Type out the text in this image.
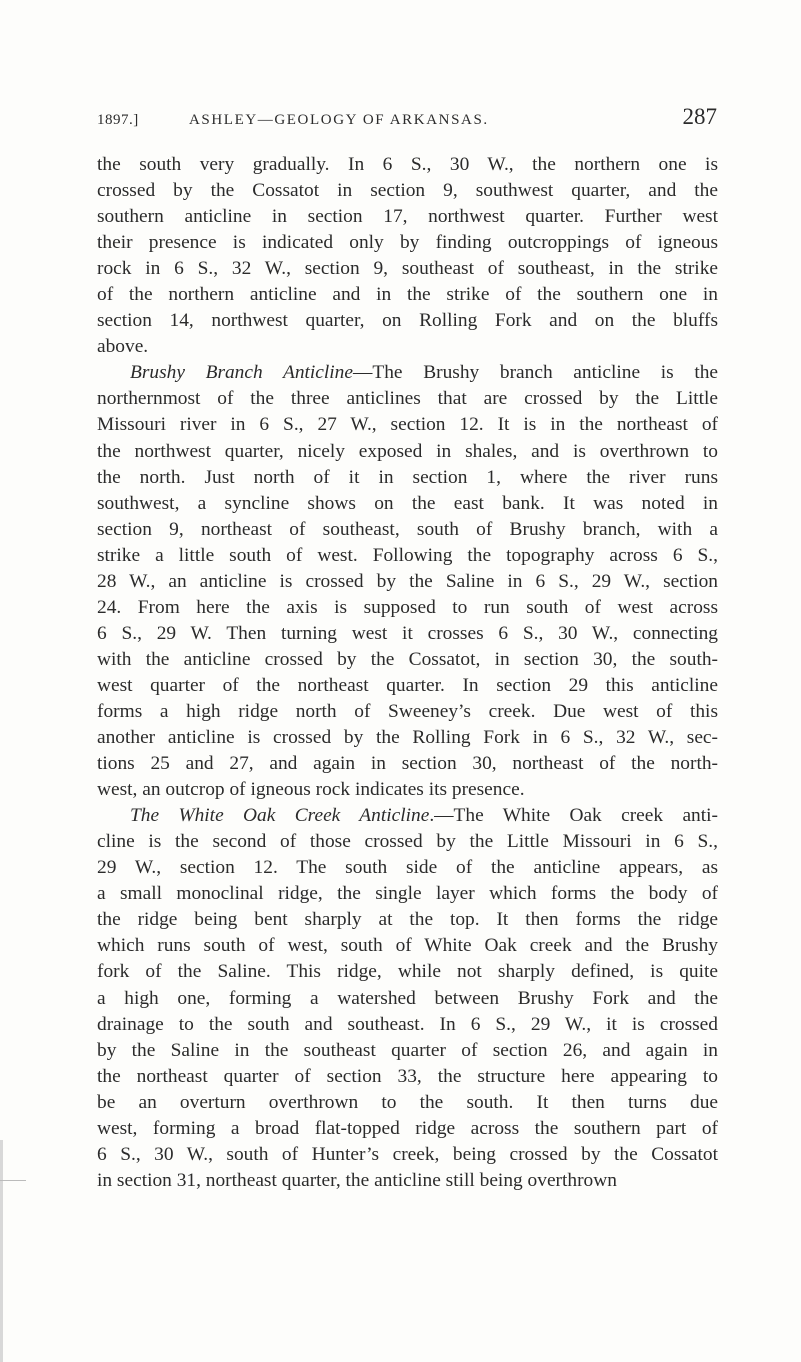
1897.]	ASHLEY—GEOLOGY OF ARKANSAS.	287
the south very gradually. In 6 S., 30 W., the northern one is
crossed by the Cossatot in section 9, southwest quarter, and the
southern anticline in section 17, northwest quarter. Further west
their presence is indicated only by finding outcroppings of igneous
rock in 6 S., 32 W., section 9, southeast of southeast, in the strike
of the northern anticline and in the strike of the southern one in
section 14, northwest quarter, on Rolling Fork and on the bluffs
above.
Brushy Branch Anticline—The Brushy branch anticline is the
northernmost of the three anticlines that are crossed by the Little
Missouri river in 6 S., 27 W., section 12. It is in the northeast of
the northwest quarter, nicely exposed in shales, and is overthrown to
the north. Just north of it in section 1, where the river runs
southwest, a syncline shows on the east bank. It was noted in
section 9, northeast of southeast, south of Brushy branch, with a
strike a little south of west. Following the topography across 6 S.,
28 W., an anticline is crossed by the Saline in 6 S., 29 W., section
24. From here the axis is supposed to run south of west across
6 S., 29 W. Then turning west it crosses 6 S., 30 W., connecting
with the anticline crossed by the Cossatot, in section 30, the south-
west quarter of the northeast quarter. In section 29 this anticline
forms a high ridge north of Sweeney’s creek. Due west of this
another anticline is crossed by the Rolling Fork in 6 S., 32 W., sec-
tions 25 and 27, and again in section 30, northeast of the north-
west, an outcrop of igneous rock indicates its presence.
The White Oak Creek Anticline.—The White Oak creek anti-
cline is the second of those crossed by the Little Missouri in 6 S.,
29 W., section 12. The south side of the anticline appears, as
a small monoclinal ridge, the single layer which forms the body of
the ridge being bent sharply at the top. It then forms the ridge
which runs south of west, south of White Oak creek and the Brushy
fork of the Saline. This ridge, while not sharply defined, is quite
a high one, forming a watershed between Brushy Fork and the
drainage to the south and southeast. In 6 S., 29 W., it is crossed
by the Saline in the southeast quarter of section 26, and again in
the northeast quarter of section 33, the structure here appearing to
be an overturn overthrown to the south. It then turns due
west, forming a broad flat-topped ridge across the southern part of
6 S., 30 W., south of Hunter’s creek, being crossed by the Cossatot
in section 31, northeast quarter, the anticline still being overthrown
